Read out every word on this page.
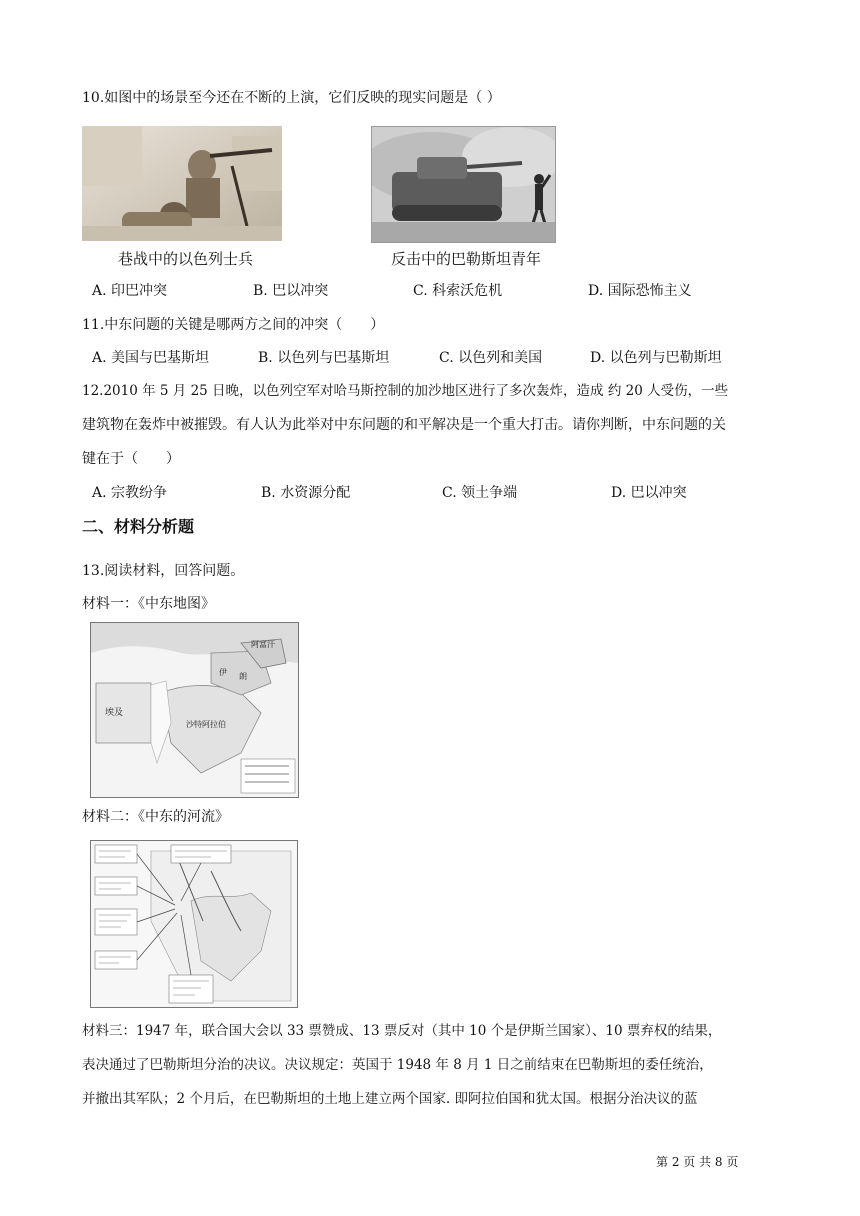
10.如图中的场景至今还在不断的上演，它们反映的现实问题是（ ）
巷战中的以色列士兵	反击中的巴勒斯坦青年
A. 印巴冲突	B. 巴以冲突	C. 科索沃危机	D. 国际恐怖主义
11.中东问题的关键是哪两方之间的冲突（　　）
A. 美国与巴基斯坦	B. 以色列与巴基斯坦	C. 以色列和美国	D. 以色列与巴勒斯坦
12.2010 年 5 月 25 日晚，以色列空军对哈马斯控制的加沙地区进行了多次轰炸，造成 约 20 人受伤，一些
建筑物在轰炸中被摧毁。有人认为此举对中东问题的和平解决是一个重大打击。请你判断，中东问题的关
键在于（　　）
A. 宗教纷争	B. 水资源分配	C. 领土争端	D. 巴以冲突
二、材料分析题
13.阅读材料，回答问题。
材料一：《中东地图》
阿富汗
伊 朗
埃及
沙特阿拉伯
材料二：《中东的河流》
材料三：1947 年，联合国大会以 33 票赞成、13 票反对（其中 10 个是伊斯兰国家）、10 票弃权的结果，
表决通过了巴勒斯坦分治的决议。决议规定：英国于 1948 年 8 月 1 日之前结束在巴勒斯坦的委任统治，
并撤出其军队；2 个月后，在巴勒斯坦的土地上建立两个国家. 即阿拉伯国和犹太国。根据分治决议的蓝
第 2 页 共 8 页
